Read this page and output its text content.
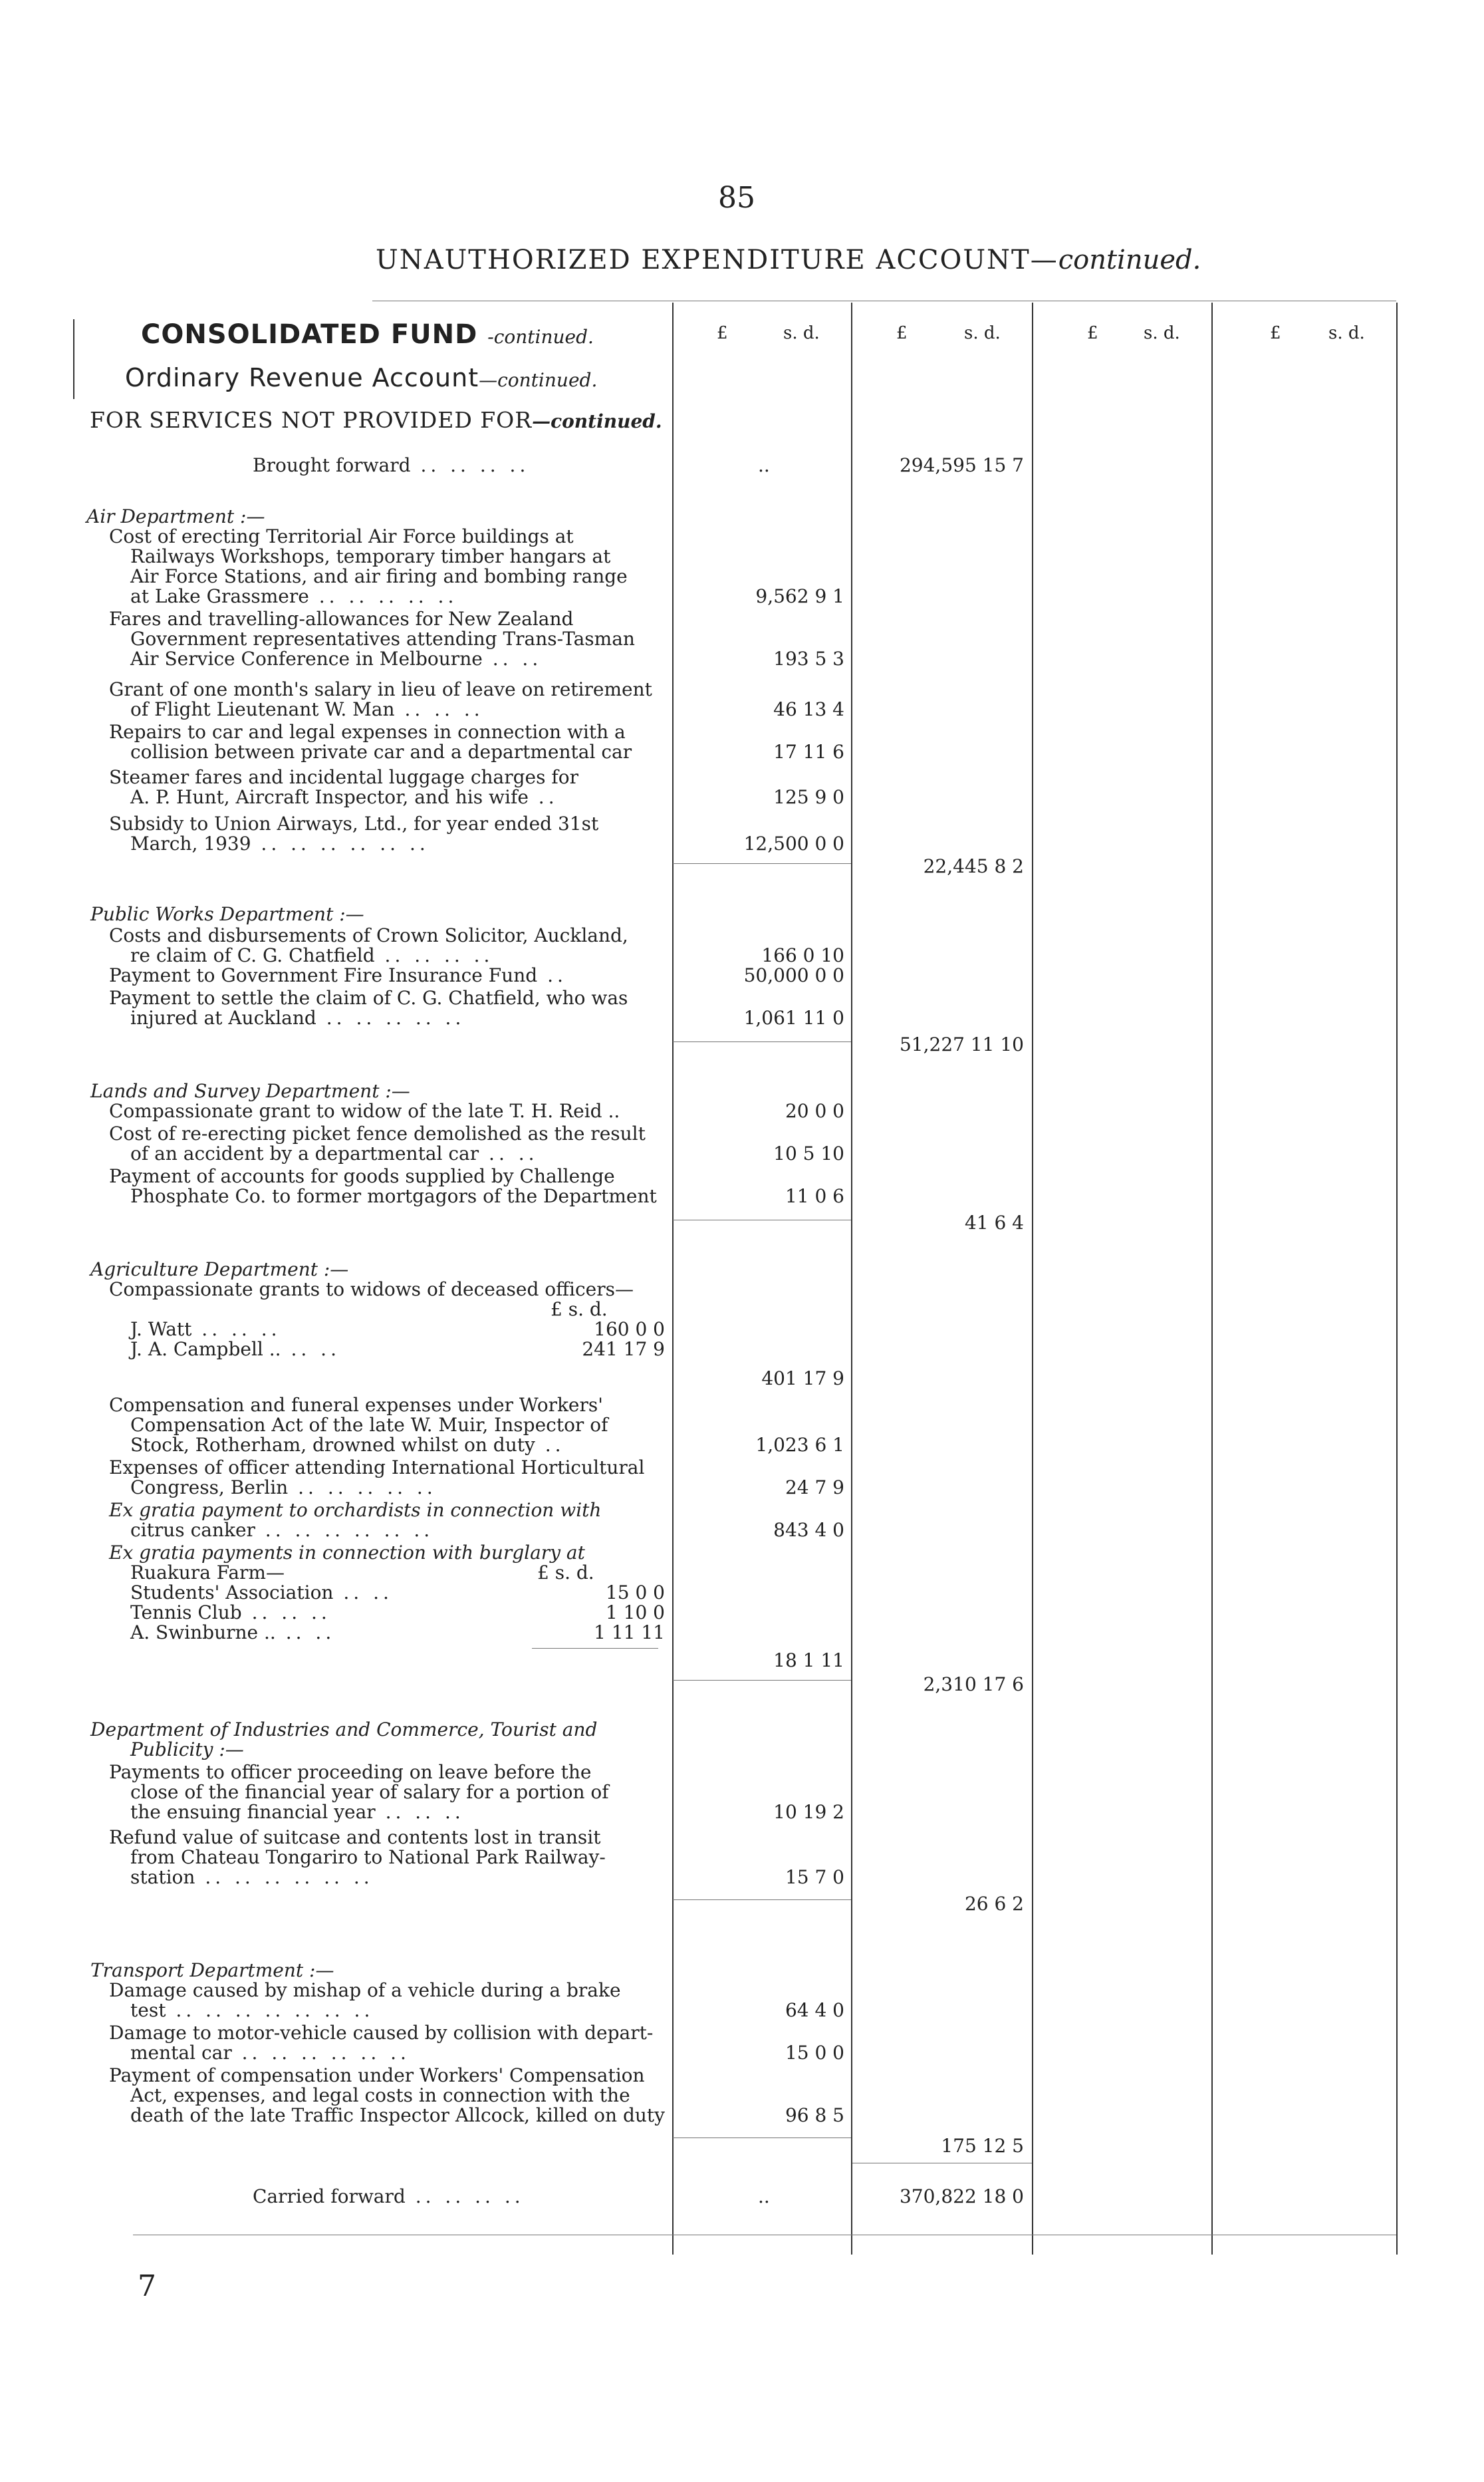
85
UNAUTHORIZED EXPENDITURE ACCOUNT—continued.
CONSOLIDATED FUND -continued.
Ordinary Revenue Account—continued.
FOR SERVICES NOT PROVIDED FOR—continued.
£	s. d.	£	s. d.	£	s. d.	£	s. d.
Brought forward .. .. .. ..	..	294,595 15 7
Air Department :—
Cost of erecting Territorial Air Force buildings at
Railways Workshops, temporary timber hangars at
Air Force Stations, and air firing and bombing range
at Lake Grassmere .. .. .. .. ..	9,562 9 1
Fares and travelling-allowances for New Zealand
Government representatives attending Trans-Tasman
Air Service Conference in Melbourne .. ..	193 5 3
Grant of one month's salary in lieu of leave on retirement
of Flight Lieutenant W. Man .. .. ..	46 13 4
Repairs to car and legal expenses in connection with a
collision between private car and a departmental car	17 11 6
Steamer fares and incidental luggage charges for
A. P. Hunt, Aircraft Inspector, and his wife ..	125 9 0
Subsidy to Union Airways, Ltd., for year ended 31st
March, 1939 .. .. .. .. .. ..	12,500 0 0
22,445 8 2
Public Works Department :—
Costs and disbursements of Crown Solicitor, Auckland,
re claim of C. G. Chatfield .. .. .. ..	166 0 10
Payment to Government Fire Insurance Fund ..	50,000 0 0
Payment to settle the claim of C. G. Chatfield, who was
injured at Auckland .. .. .. .. ..	1,061 11 0
51,227 11 10
Lands and Survey Department :—
Compassionate grant to widow of the late T. H. Reid ..	20 0 0
Cost of re-erecting picket fence demolished as the result
of an accident by a departmental car .. ..	10 5 10
Payment of accounts for goods supplied by Challenge
Phosphate Co. to former mortgagors of the Department	11 0 6
41 6 4
Agriculture Department :—
Compassionate grants to widows of deceased officers—
£ s. d.
J. Watt .. .. ..	160 0 0
J. A. Campbell .. .. ..	241 17 9
401 17 9
Compensation and funeral expenses under Workers'
Compensation Act of the late W. Muir, Inspector of
Stock, Rotherham, drowned whilst on duty ..	1,023 6 1
Expenses of officer attending International Horticultural
Congress, Berlin .. .. .. .. ..	24 7 9
Ex gratia payment to orchardists in connection with
citrus canker .. .. .. .. .. ..	843 4 0
Ex gratia payments in connection with burglary at
Ruakura Farm—	£ s. d.
Students' Association .. ..	15 0 0
Tennis Club .. .. ..	1 10 0
A. Swinburne .. .. ..	1 11 11
18 1 11
2,310 17 6
Department of Industries and Commerce, Tourist and
Publicity :—
Payments to officer proceeding on leave before the
close of the financial year of salary for a portion of
the ensuing financial year .. .. ..	10 19 2
Refund value of suitcase and contents lost in transit
from Chateau Tongariro to National Park Railway-
station .. .. .. .. .. ..	15 7 0
26 6 2
Transport Department :—
Damage caused by mishap of a vehicle during a brake
test .. .. .. .. .. .. ..	64 4 0
Damage to motor-vehicle caused by collision with depart-
mental car .. .. .. .. .. ..	15 0 0
Payment of compensation under Workers' Compensation
Act, expenses, and legal costs in connection with the
death of the late Traffic Inspector Allcock, killed on duty	96 8 5
175 12 5
Carried forward .. .. .. ..	..	370,822 18 0
7
